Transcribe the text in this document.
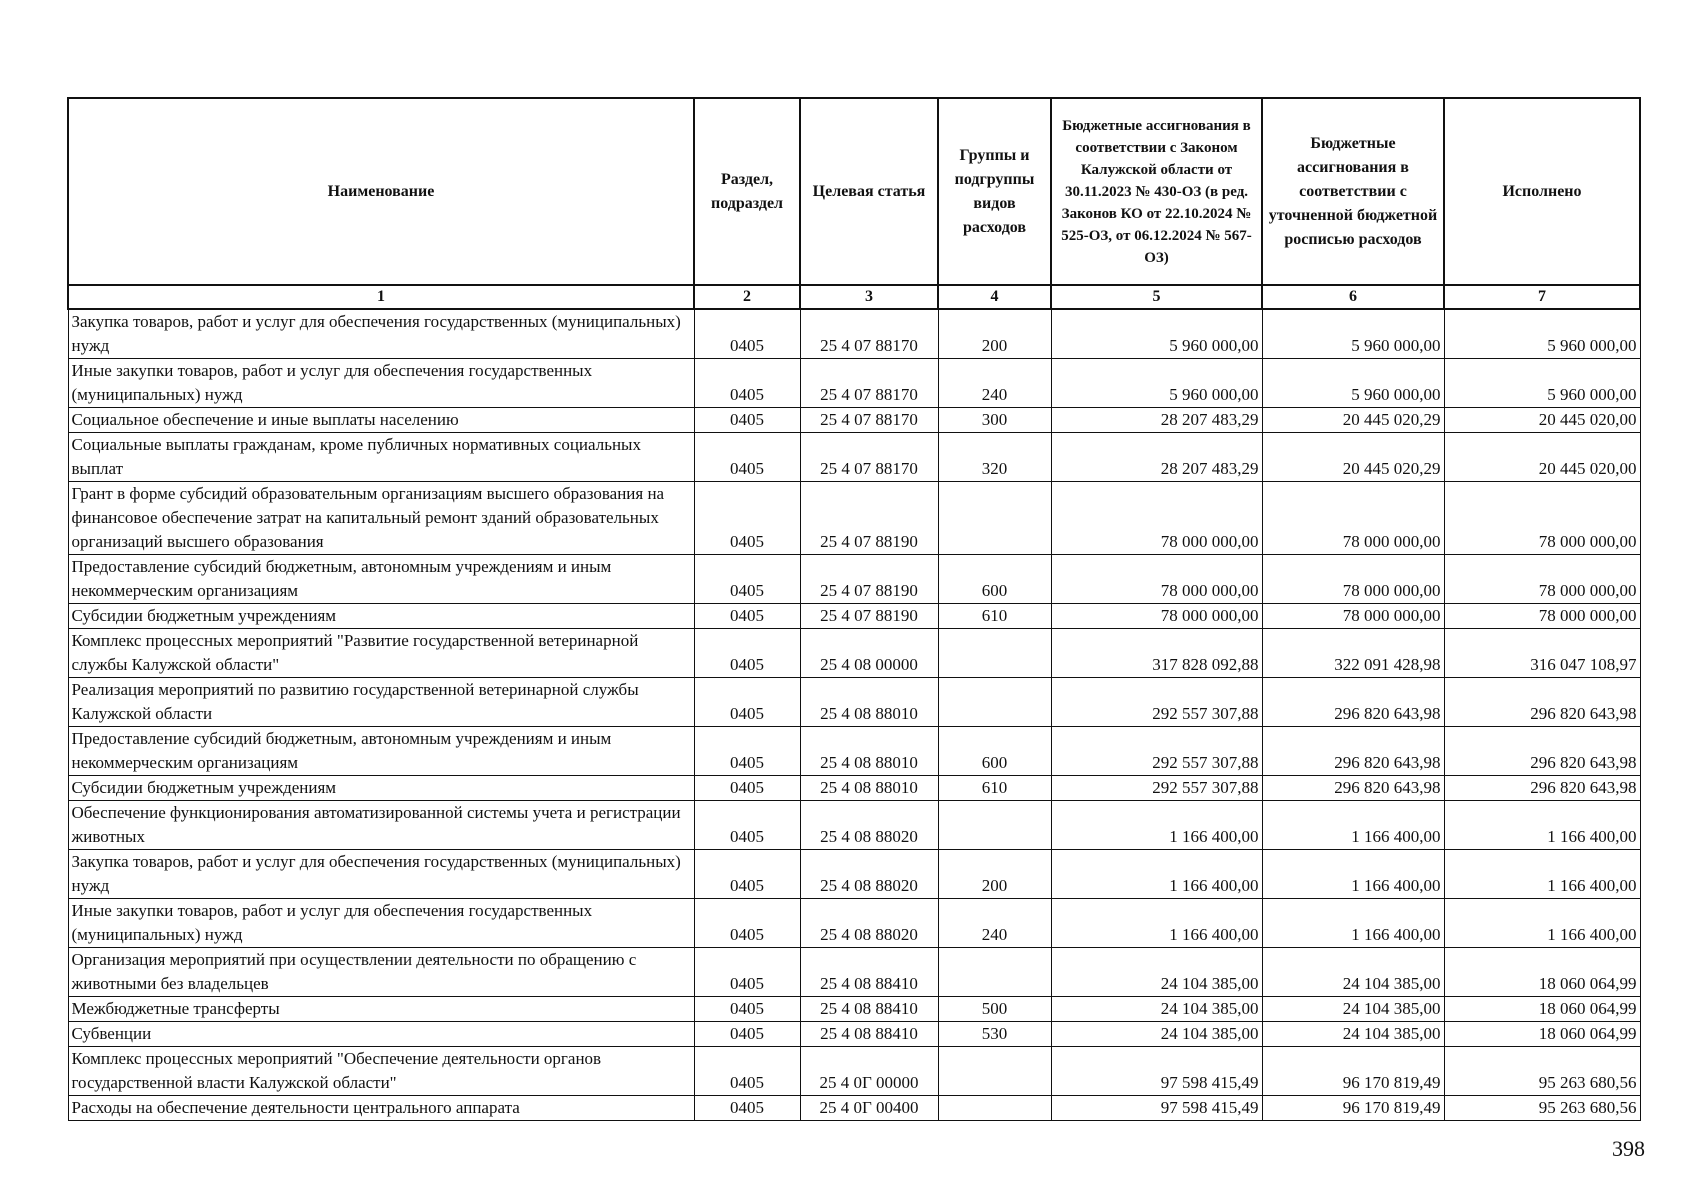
Наименование	Раздел, подраздел	Целевая статья	Группы и подгруппы видов расходов	Бюджетные ассигнования в соответствии с Законом Калужской области от 30.11.2023 № 430-ОЗ (в ред. Законов КО от 22.10.2024 № 525-ОЗ, от 06.12.2024 № 567-ОЗ)	Бюджетные ассигнования в соответствии с уточненной бюджетной росписью расходов	Исполнено
1	2	3	4	5	6	7
Закупка товаров, работ и услуг для обеспечения государственных (муниципальных) нужд	0405	25 4 07 88170	200	5 960 000,00	5 960 000,00	5 960 000,00
Иные закупки товаров, работ и услуг для обеспечения государственных (муниципальных) нужд	0405	25 4 07 88170	240	5 960 000,00	5 960 000,00	5 960 000,00
Социальное обеспечение и иные выплаты населению	0405	25 4 07 88170	300	28 207 483,29	20 445 020,29	20 445 020,00
Социальные выплаты гражданам, кроме публичных нормативных социальных выплат	0405	25 4 07 88170	320	28 207 483,29	20 445 020,29	20 445 020,00
Грант в форме субсидий образовательным организациям высшего образования на финансовое обеспечение затрат на капитальный ремонт зданий образовательных организаций высшего образования	0405	25 4 07 88190		78 000 000,00	78 000 000,00	78 000 000,00
Предоставление субсидий бюджетным, автономным учреждениям и иным некоммерческим организациям	0405	25 4 07 88190	600	78 000 000,00	78 000 000,00	78 000 000,00
Субсидии бюджетным учреждениям	0405	25 4 07 88190	610	78 000 000,00	78 000 000,00	78 000 000,00
Комплекс процессных мероприятий "Развитие государственной ветеринарной службы Калужской области"	0405	25 4 08 00000		317 828 092,88	322 091 428,98	316 047 108,97
Реализация мероприятий по развитию государственной ветеринарной службы Калужской области	0405	25 4 08 88010		292 557 307,88	296 820 643,98	296 820 643,98
Предоставление субсидий бюджетным, автономным учреждениям и иным некоммерческим организациям	0405	25 4 08 88010	600	292 557 307,88	296 820 643,98	296 820 643,98
Субсидии бюджетным учреждениям	0405	25 4 08 88010	610	292 557 307,88	296 820 643,98	296 820 643,98
Обеспечение функционирования автоматизированной системы учета и регистрации животных	0405	25 4 08 88020		1 166 400,00	1 166 400,00	1 166 400,00
Закупка товаров, работ и услуг для обеспечения государственных (муниципальных) нужд	0405	25 4 08 88020	200	1 166 400,00	1 166 400,00	1 166 400,00
Иные закупки товаров, работ и услуг для обеспечения государственных (муниципальных) нужд	0405	25 4 08 88020	240	1 166 400,00	1 166 400,00	1 166 400,00
Организация мероприятий при осуществлении деятельности по обращению с животными без владельцев	0405	25 4 08 88410		24 104 385,00	24 104 385,00	18 060 064,99
Межбюджетные трансферты	0405	25 4 08 88410	500	24 104 385,00	24 104 385,00	18 060 064,99
Субвенции	0405	25 4 08 88410	530	24 104 385,00	24 104 385,00	18 060 064,99
Комплекс процессных мероприятий "Обеспечение деятельности органов государственной власти Калужской области"	0405	25 4 0Г 00000		97 598 415,49	96 170 819,49	95 263 680,56
Расходы на обеспечение деятельности центрального аппарата	0405	25 4 0Г 00400		97 598 415,49	96 170 819,49	95 263 680,56
398
